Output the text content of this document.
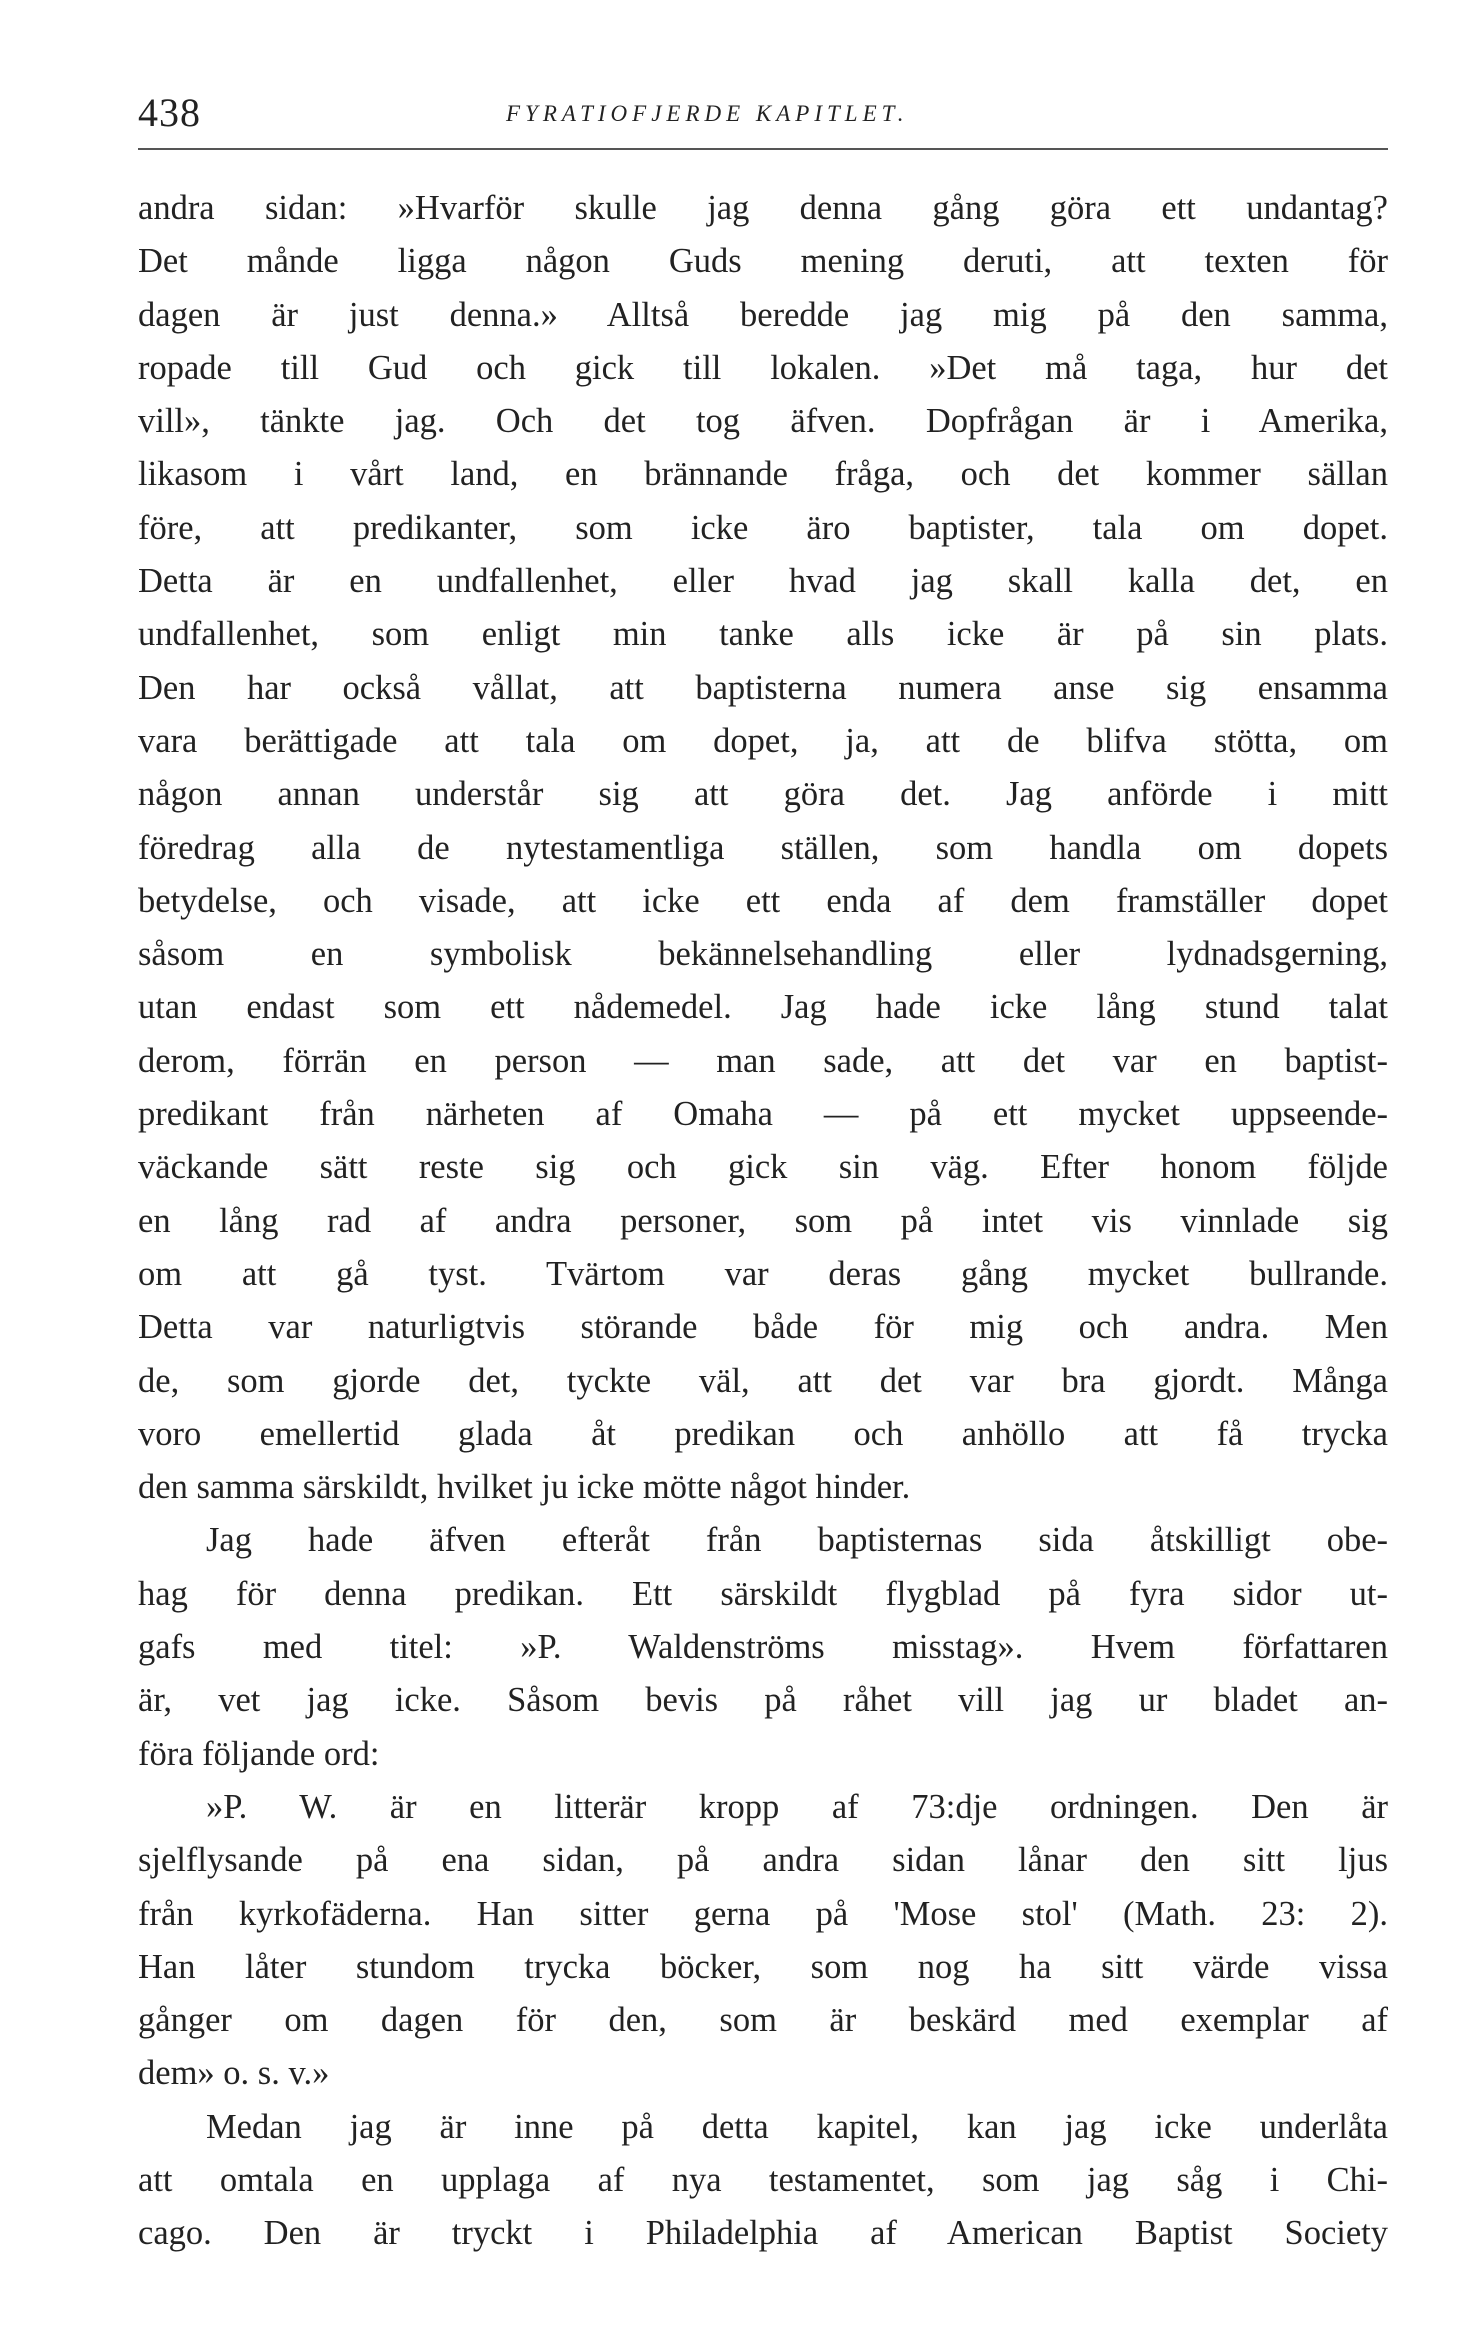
438	FYRATIOFJERDE KAPITLET.
andra sidan: »Hvarför skulle jag denna gång göra ett undantag?
Det månde ligga någon Guds mening deruti, att texten för
dagen är just denna.» Alltså beredde jag mig på den samma,
ropade till Gud och gick till lokalen. »Det må taga, hur det
vill», tänkte jag. Och det tog äfven. Dopfrågan är i Amerika,
likasom i vårt land, en brännande fråga, och det kommer sällan
före, att predikanter, som icke äro baptister, tala om dopet.
Detta är en undfallenhet, eller hvad jag skall kalla det, en
undfallenhet, som enligt min tanke alls icke är på sin plats.
Den har också vållat, att baptisterna numera anse sig ensamma
vara berättigade att tala om dopet, ja, att de blifva stötta, om
någon annan understår sig att göra det. Jag anförde i mitt
föredrag alla de nytestamentliga ställen, som handla om dopets
betydelse, och visade, att icke ett enda af dem framställer dopet
såsom en symbolisk bekännelsehandling eller lydnadsgerning,
utan endast som ett nådemedel. Jag hade icke lång stund talat
derom, förrän en person — man sade, att det var en baptist-
predikant från närheten af Omaha — på ett mycket uppseende-
väckande sätt reste sig och gick sin väg. Efter honom följde
en lång rad af andra personer, som på intet vis vinnlade sig
om att gå tyst. Tvärtom var deras gång mycket bullrande.
Detta var naturligtvis störande både för mig och andra. Men
de, som gjorde det, tyckte väl, att det var bra gjordt. Många
voro emellertid glada åt predikan och anhöllo att få trycka
den samma särskildt, hvilket ju icke mötte något hinder.
Jag hade äfven efteråt från baptisternas sida åtskilligt obe-
hag för denna predikan. Ett särskildt flygblad på fyra sidor ut-
gafs med titel: »P. Waldenströms misstag». Hvem författaren
är, vet jag icke. Såsom bevis på råhet vill jag ur bladet an-
föra följande ord:
»P. W. är en litterär kropp af 73:dje ordningen. Den är
sjelflysande på ena sidan, på andra sidan lånar den sitt ljus
från kyrkofäderna. Han sitter gerna på 'Mose stol' (Math. 23: 2).
Han låter stundom trycka böcker, som nog ha sitt värde vissa
gånger om dagen för den, som är beskärd med exemplar af
dem» o. s. v.»
Medan jag är inne på detta kapitel, kan jag icke underlåta
att omtala en upplaga af nya testamentet, som jag såg i Chi-
cago. Den är tryckt i Philadelphia af American Baptist Society
